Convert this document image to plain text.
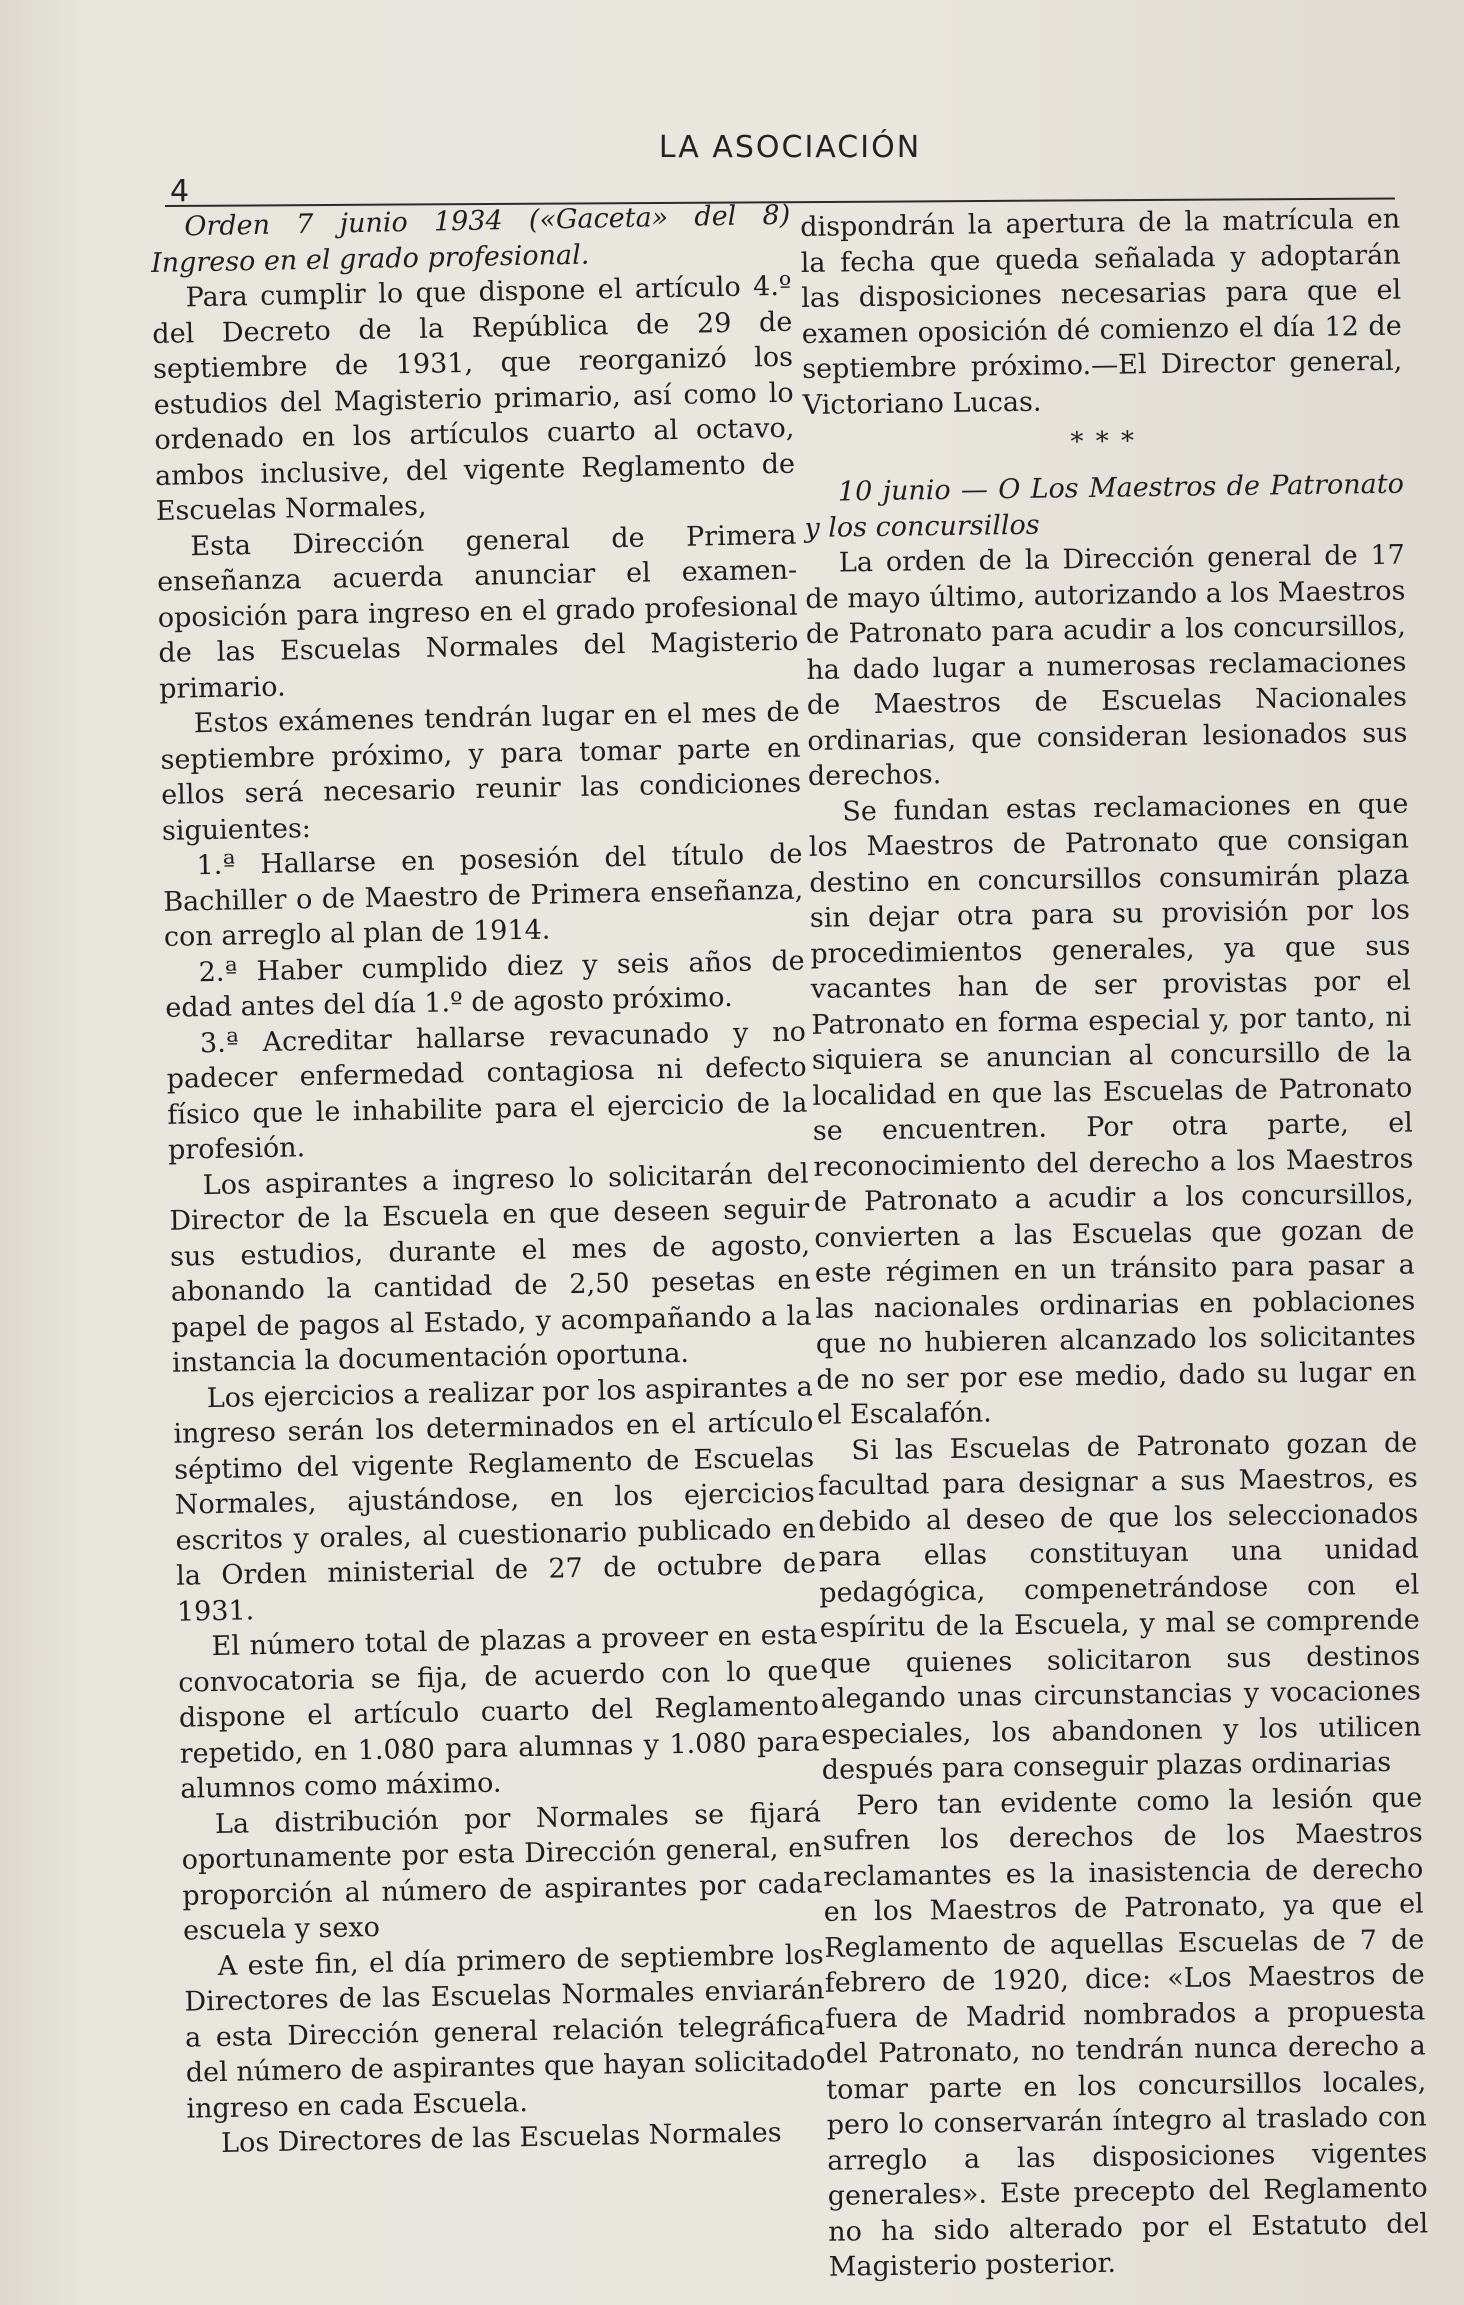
LA ASOCIACIÓN
4

Orden 7 junio 1934 («Gaceta» del 8) Ingreso en el grado profesional.

Para cumplir lo que dispone el artículo 4.º del Decreto de la República de 29 de septiembre de 1931, que reorganizó los estudios del Magisterio primario, así como lo ordenado en los artículos cuarto al octavo, ambos inclusive, del vigente Reglamento de Escuelas Normales,

Esta Dirección general de Primera enseñanza acuerda anunciar el examen-oposición para ingreso en el grado profesional de las Escuelas Normales del Magisterio primario.

Estos exámenes tendrán lugar en el mes de septiembre próximo, y para tomar parte en ellos será necesario reunir las condiciones siguientes:

1.ª Hallarse en posesión del título de Bachiller o de Maestro de Primera enseñanza, con arreglo al plan de 1914.

2.ª Haber cumplido diez y seis años de edad antes del día 1.º de agosto próximo.

3.ª Acreditar hallarse revacunado y no padecer enfermedad contagiosa ni defecto físico que le inhabilite para el ejercicio de la profesión.

Los aspirantes a ingreso lo solicitarán del Director de la Escuela en que deseen seguir sus estudios, durante el mes de agosto, abonando la cantidad de 2,50 pesetas en papel de pagos al Estado, y acompañando a la instancia la documentación oportuna.

Los ejercicios a realizar por los aspirantes a ingreso serán los determinados en el artículo séptimo del vigente Reglamento de Escuelas Normales, ajustándose, en los ejercicios escritos y orales, al cuestionario publicado en la Orden ministerial de 27 de octubre de 1931.

El número total de plazas a proveer en esta convocatoria se fija, de acuerdo con lo que dispone el artículo cuarto del Reglamento repetido, en 1.080 para alumnas y 1.080 para alumnos como máximo.

La distribución por Normales se fijará oportunamente por esta Dirección general, en proporción al número de aspirantes por cada escuela y sexo

A este fin, el día primero de septiembre los Directores de las Escuelas Normales enviarán a esta Dirección general relación telegráfica del número de aspirantes que hayan solicitado ingreso en cada Escuela.

Los Directores de las Escuelas Normales

dispondrán la apertura de la matrícula en la fecha que queda señalada y adoptarán las disposiciones necesarias para que el examen oposición dé comienzo el día 12 de septiembre próximo.—El Director general, Victoriano Lucas.

* * *

10 junio — O Los Maestros de Patronato y los concursillos

La orden de la Dirección general de 17 de mayo último, autorizando a los Maestros de Patronato para acudir a los concursillos, ha dado lugar a numerosas reclamaciones de Maestros de Escuelas Nacionales ordinarias, que consideran lesionados sus derechos.

Se fundan estas reclamaciones en que los Maestros de Patronato que consigan destino en concursillos consumirán plaza sin dejar otra para su provisión por los procedimientos generales, ya que sus vacantes han de ser provistas por el Patronato en forma especial y, por tanto, ni siquiera se anuncian al concursillo de la localidad en que las Escuelas de Patronato se encuentren. Por otra parte, el reconocimiento del derecho a los Maestros de Patronato a acudir a los concursillos, convierten a las Escuelas que gozan de este régimen en un tránsito para pasar a las nacionales ordinarias en poblaciones que no hubieren alcanzado los solicitantes de no ser por ese medio, dado su lugar en el Escalafón.

Si las Escuelas de Patronato gozan de facultad para designar a sus Maestros, es debido al deseo de que los seleccionados para ellas constituyan una unidad pedagógica, compenetrándose con el espíritu de la Escuela, y mal se comprende que quienes solicitaron sus destinos alegando unas circunstancias y vocaciones especiales, los abandonen y los utilicen después para conseguir plazas ordinarias

Pero tan evidente como la lesión que sufren los derechos de los Maestros reclamantes es la inasistencia de derecho en los Maestros de Patronato, ya que el Reglamento de aquellas Escuelas de 7 de febrero de 1920, dice: «Los Maestros de fuera de Madrid nombrados a propuesta del Patronato, no tendrán nunca derecho a tomar parte en los concursillos locales, pero lo conservarán íntegro al traslado con arreglo a las disposiciones vigentes generales». Este precepto del Reglamento no ha sido alterado por el Estatuto del Magisterio posterior.
